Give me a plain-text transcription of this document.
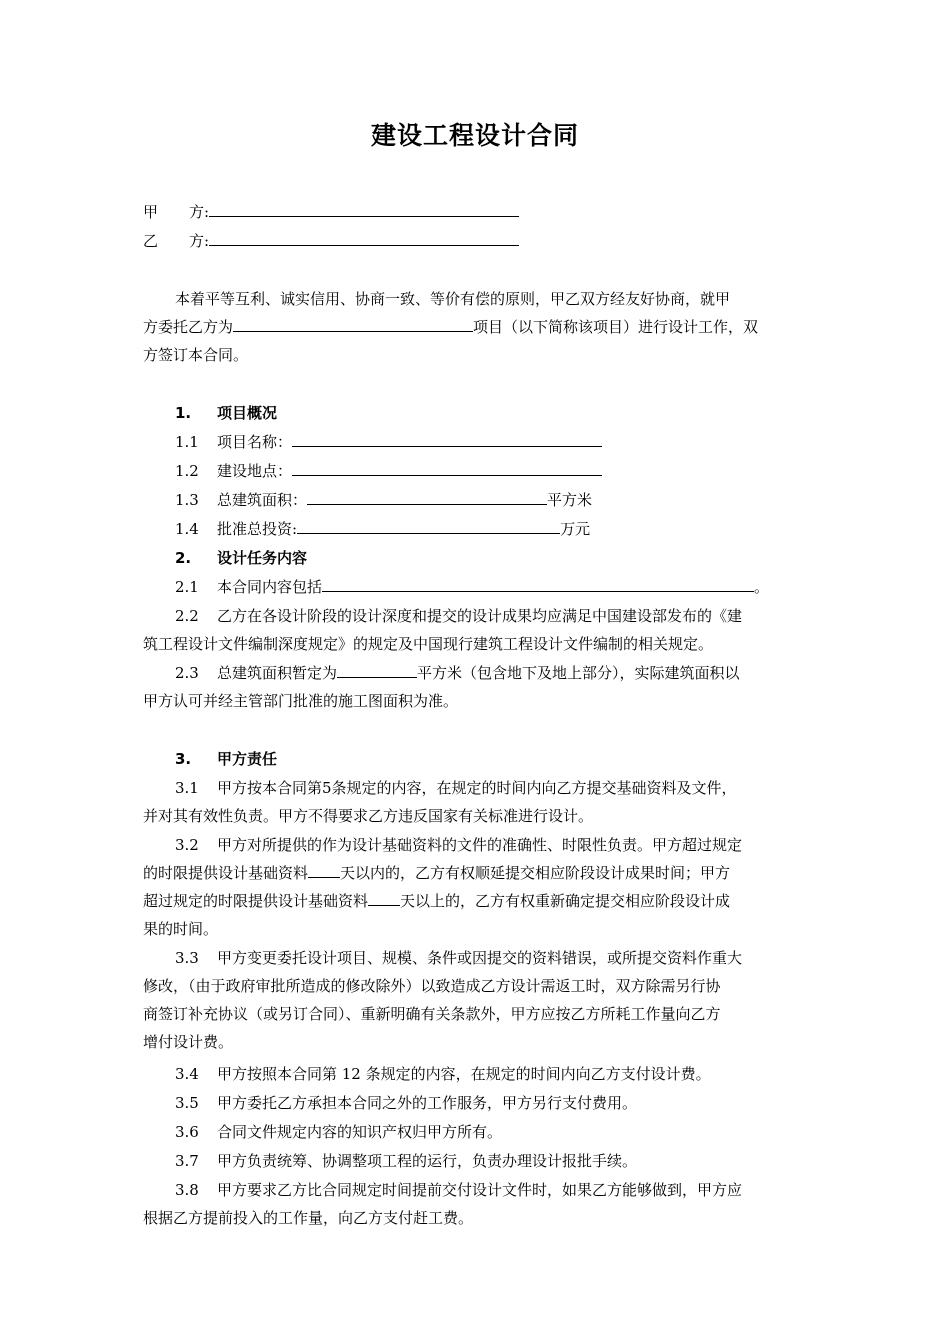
建设工程设计合同
甲 方:
乙 方:
本着平等互利、诚实信用、协商一致、等价有偿的原则，甲乙双方经友好协商，就甲
方委托乙方为	项目（以下简称该项目）进行设计工作，双
方签订本合同。
1. 项目概况
1.1 项目名称：
1.2 建设地点：
1.3 总建筑面积：	平方米
1.4 批准总投资:	万元
2. 设计任务内容
2.1 本合同内容包括	。
2.2 乙方在各设计阶段的设计深度和提交的设计成果均应满足中国建设部发布的《建
筑工程设计文件编制深度规定》的规定及中国现行建筑工程设计文件编制的相关规定。
2.3 总建筑面积暂定为	平方米（包含地下及地上部分），实际建筑面积以
甲方认可并经主管部门批准的施工图面积为准。
3. 甲方责任
3.1 甲方按本合同第5条规定的内容，在规定的时间内向乙方提交基础资料及文件，
并对其有效性负责。甲方不得要求乙方违反国家有关标准进行设计。
3.2 甲方对所提供的作为设计基础资料的文件的准确性、时限性负责。甲方超过规定
的时限提供设计基础资料 天以内的，乙方有权顺延提交相应阶段设计成果时间；甲方
超过规定的时限提供设计基础资料 天以上的，乙方有权重新确定提交相应阶段设计成
果的时间。
3.3 甲方变更委托设计项目、规模、条件或因提交的资料错误，或所提交资料作重大
修改，（由于政府审批所造成的修改除外）以致造成乙方设计需返工时，双方除需另行协
商签订补充协议（或另订合同）、重新明确有关条款外，甲方应按乙方所耗工作量向乙方
增付设计费。
3.4 甲方按照本合同第 12 条规定的内容，在规定的时间内向乙方支付设计费。
3.5 甲方委托乙方承担本合同之外的工作服务，甲方另行支付费用。
3.6 合同文件规定内容的知识产权归甲方所有。
3.7 甲方负责统筹、协调整项工程的运行，负责办理设计报批手续。
3.8 甲方要求乙方比合同规定时间提前交付设计文件时，如果乙方能够做到，甲方应
根据乙方提前投入的工作量，向乙方支付赶工费。
